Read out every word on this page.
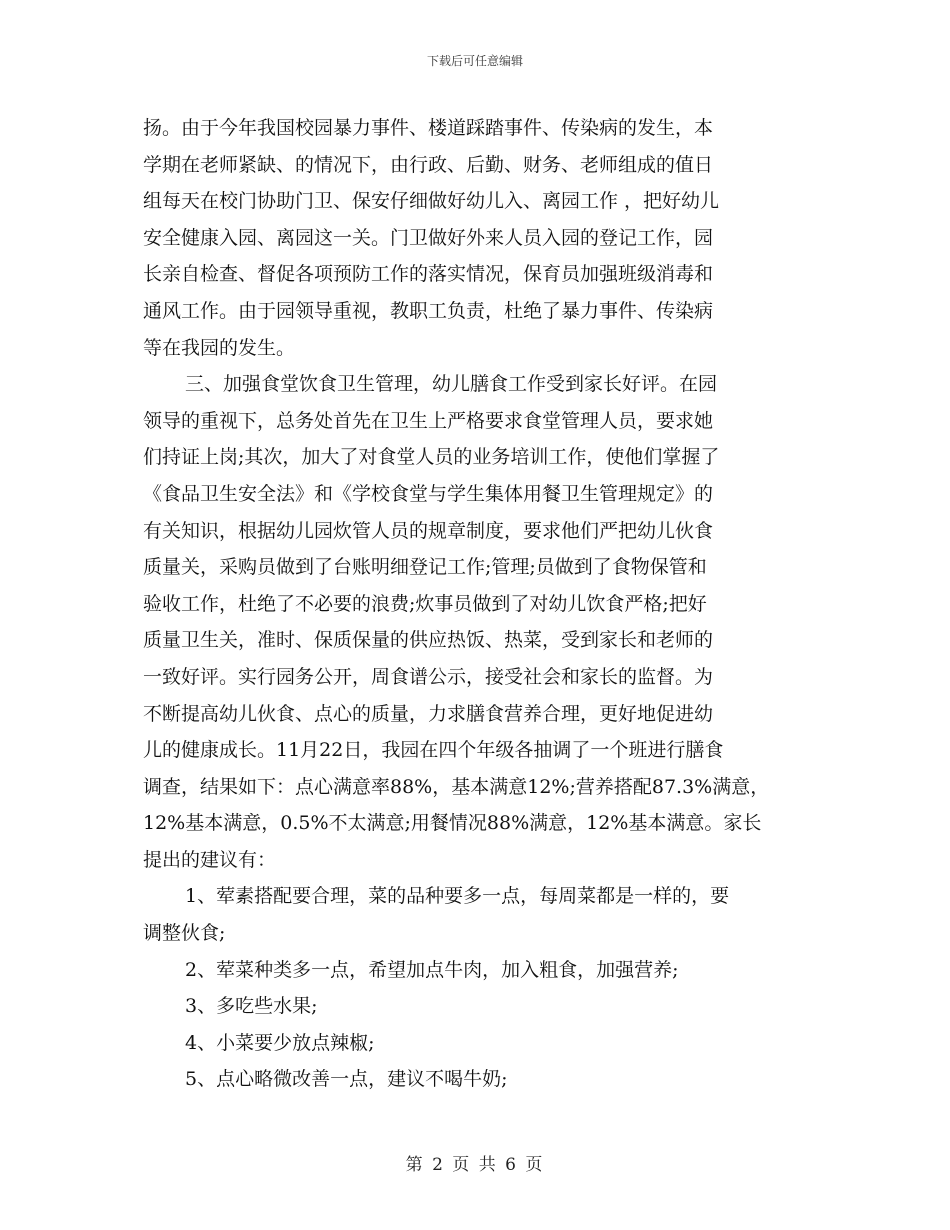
下载后可任意编辑
扬。由于今年我国校园暴力事件、楼道踩踏事件、传染病的发生，本
学期在老师紧缺、的情况下，由行政、后勤、财务、老师组成的值日
组每天在校门协助门卫、保安仔细做好幼儿入、离园工作 ，把好幼儿
安全健康入园、离园这一关。门卫做好外来人员入园的登记工作，园
长亲自检查、督促各项预防工作的落实情况，保育员加强班级消毒和
通风工作。由于园领导重视，教职工负责，杜绝了暴力事件、传染病
等在我园的发生。
三、加强食堂饮食卫生管理，幼儿膳食工作受到家长好评。在园
领导的重视下，总务处首先在卫生上严格要求食堂管理人员，要求她
们持证上岗;其次，加大了对食堂人员的业务培训工作，使他们掌握了
《食品卫生安全法》和《学校食堂与学生集体用餐卫生管理规定》的
有关知识，根据幼儿园炊管人员的规章制度，要求他们严把幼儿伙食
质量关，采购员做到了台账明细登记工作;管理;员做到了食物保管和
验收工作，杜绝了不必要的浪费;炊事员做到了对幼儿饮食严格;把好
质量卫生关，准时、保质保量的供应热饭、热菜，受到家长和老师的
一致好评。实行园务公开，周食谱公示，接受社会和家长的监督。为
不断提高幼儿伙食、点心的质量，力求膳食营养合理，更好地促进幼
儿的健康成长。11月22日，我园在四个年级各抽调了一个班进行膳食
调查，结果如下：点心满意率88%，基本满意12%;营养搭配87.3%满意，
12%基本满意，0.5%不太满意;用餐情况88%满意，12%基本满意。家长
提出的建议有：
1、荤素搭配要合理，菜的品种要多一点，每周菜都是一样的，要
调整伙食;
2、荤菜种类多一点，希望加点牛肉，加入粗食，加强营养;
3、多吃些水果;
4、小菜要少放点辣椒;
5、点心略微改善一点，建议不喝牛奶;
第 2 页 共 6 页
